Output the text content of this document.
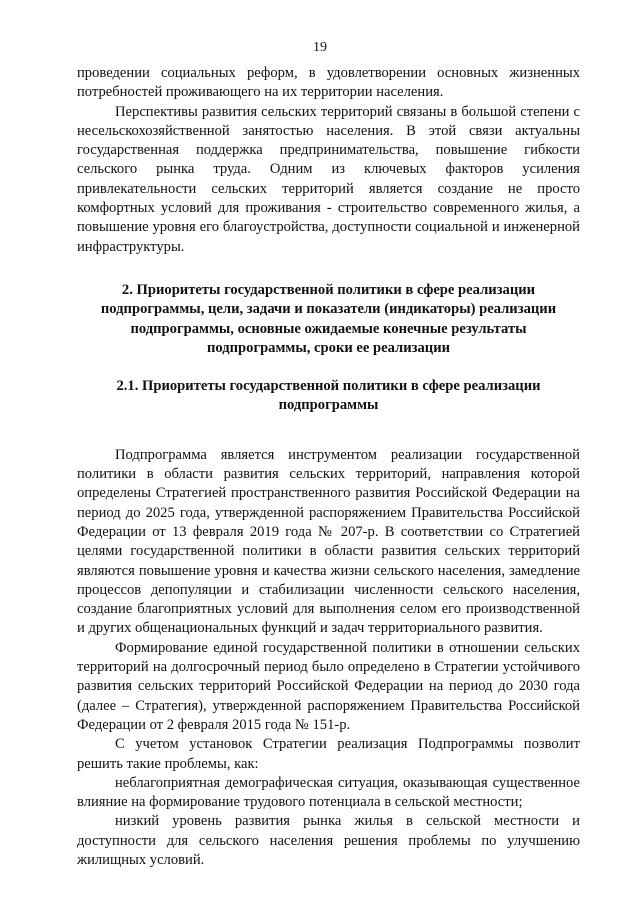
19

проведении социальных реформ, в удовлетворении основных жизненных потребностей проживающего на их территории населения.

Перспективы развития сельских территорий связаны в большой степени с несельскохозяйственной занятостью населения. В этой связи актуальны государственная поддержка предпринимательства, повышение гибкости сельского рынка труда. Одним из ключевых факторов усиления привлекательности сельских территорий является создание не просто комфортных условий для проживания - строительство современного жилья, а повышение уровня его благоустройства, доступности социальной и инженерной инфраструктуры.

2. Приоритеты государственной политики в сфере реализации подпрограммы, цели, задачи и показатели (индикаторы) реализации подпрограммы, основные ожидаемые конечные результаты подпрограммы, сроки ее реализации
2.1. Приоритеты государственной политики в сфере реализации подпрограммы

Подпрограмма является инструментом реализации государственной политики в области развития сельских территорий, направления которой определены Стратегией пространственного развития Российской Федерации на период до 2025 года, утвержденной распоряжением Правительства Российской Федерации от 13 февраля 2019 года № 207-р. В соответствии со Стратегией целями государственной политики в области развития сельских территорий являются повышение уровня и качества жизни сельского населения, замедление процессов депопуляции и стабилизации численности сельского населения, создание благоприятных условий для выполнения селом его производственной и других общенациональных функций и задач территориального развития.

Формирование единой государственной политики в отношении сельских территорий на долгосрочный период было определено в Стратегии устойчивого развития сельских территорий Российской Федерации на период до 2030 года (далее – Стратегия), утвержденной распоряжением Правительства Российской Федерации от 2 февраля 2015 года № 151-р.

С учетом установок Стратегии реализация Подпрограммы позволит решить такие проблемы, как:

неблагоприятная демографическая ситуация, оказывающая существенное влияние на формирование трудового потенциала в сельской местности;

низкий уровень развития рынка жилья в сельской местности и доступности для сельского населения решения проблемы по улучшению жилищных условий.
